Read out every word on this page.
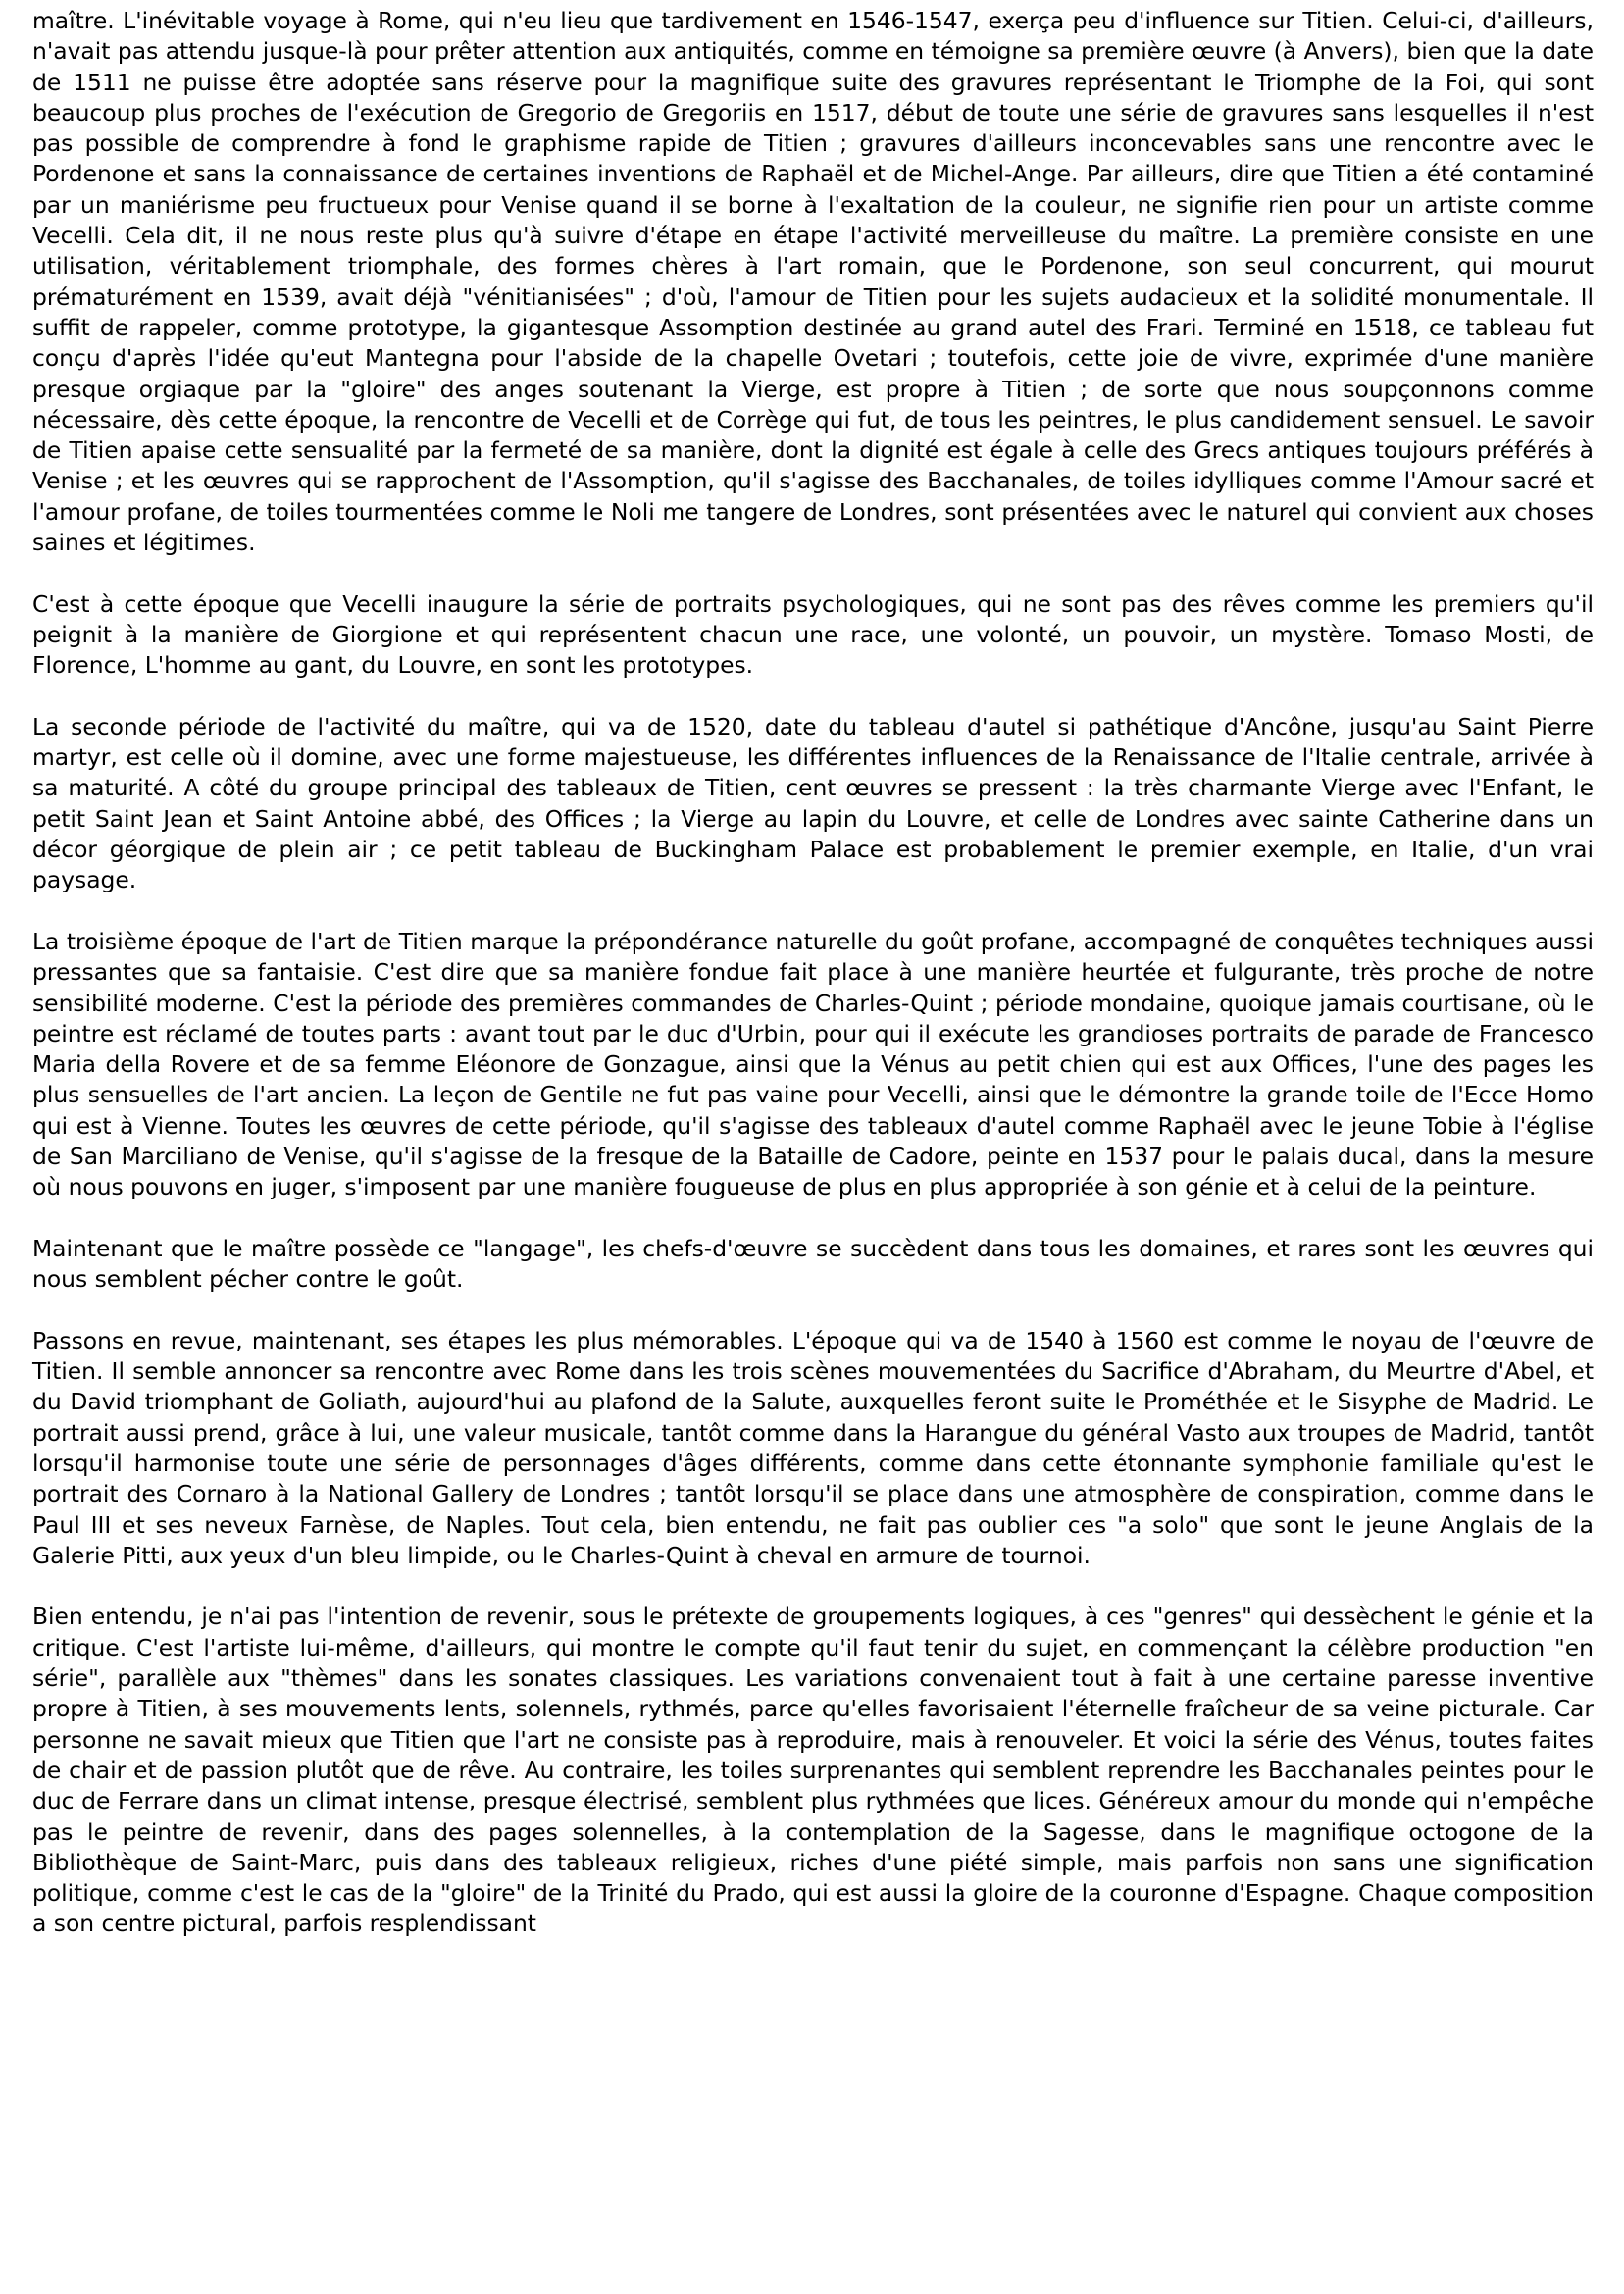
maître. L'inévitable voyage à Rome, qui n'eu lieu que tardivement en 1546-1547, exerça peu d'influence sur Titien. Celui-ci, d'ailleurs, n'avait pas attendu jusque-là pour prêter attention aux antiquités, comme en témoigne sa première œuvre (à Anvers), bien que la date de 1511 ne puisse être adoptée sans réserve pour la magnifique suite des gravures représentant le Triomphe de la Foi, qui sont beaucoup plus proches de l'exécution de Gregorio de Gregoriis en 1517, début de toute une série de gravures sans lesquelles il n'est pas possible de comprendre à fond le graphisme rapide de Titien ; gravures d'ailleurs inconcevables sans une rencontre avec le Pordenone et sans la connaissance de certaines inventions de Raphaël et de Michel-Ange. Par ailleurs, dire que Titien a été contaminé par un maniérisme peu fructueux pour Venise quand il se borne à l'exaltation de la couleur, ne signifie rien pour un artiste comme Vecelli. Cela dit, il ne nous reste plus qu'à suivre d'étape en étape l'activité merveilleuse du maître. La première consiste en une utilisation, véritablement triomphale, des formes chères à l'art romain, que le Pordenone, son seul concurrent, qui mourut prématurément en 1539, avait déjà "vénitianisées" ; d'où, l'amour de Titien pour les sujets audacieux et la solidité monumentale. Il suffit de rappeler, comme prototype, la gigantesque Assomption destinée au grand autel des Frari. Terminé en 1518, ce tableau fut conçu d'après l'idée qu'eut Mantegna pour l'abside de la chapelle Ovetari ; toutefois, cette joie de vivre, exprimée d'une manière presque orgiaque par la "gloire" des anges soutenant la Vierge, est propre à Titien ; de sorte que nous soupçonnons comme nécessaire, dès cette époque, la rencontre de Vecelli et de Corrège qui fut, de tous les peintres, le plus candidement sensuel. Le savoir de Titien apaise cette sensualité par la fermeté de sa manière, dont la dignité est égale à celle des Grecs antiques toujours préférés à Venise ; et les œuvres qui se rapprochent de l'Assomption, qu'il s'agisse des Bacchanales, de toiles idylliques comme l'Amour sacré et l'amour profane, de toiles tourmentées comme le Noli me tangere de Londres, sont présentées avec le naturel qui convient aux choses saines et légitimes.

C'est à cette époque que Vecelli inaugure la série de portraits psychologiques, qui ne sont pas des rêves comme les premiers qu'il peignit à la manière de Giorgione et qui représentent chacun une race, une volonté, un pouvoir, un mystère. Tomaso Mosti, de Florence, L'homme au gant, du Louvre, en sont les prototypes.

La seconde période de l'activité du maître, qui va de 1520, date du tableau d'autel si pathétique d'Ancône, jusqu'au Saint Pierre martyr, est celle où il domine, avec une forme majestueuse, les différentes influences de la Renaissance de l'Italie centrale, arrivée à sa maturité. A côté du groupe principal des tableaux de Titien, cent œuvres se pressent : la très charmante Vierge avec l'Enfant, le petit Saint Jean et Saint Antoine abbé, des Offices ; la Vierge au lapin du Louvre, et celle de Londres avec sainte Catherine dans un décor géorgique de plein air ; ce petit tableau de Buckingham Palace est probablement le premier exemple, en Italie, d'un vrai paysage.

La troisième époque de l'art de Titien marque la prépondérance naturelle du goût profane, accompagné de conquêtes techniques aussi pressantes que sa fantaisie. C'est dire que sa manière fondue fait place à une manière heurtée et fulgurante, très proche de notre sensibilité moderne. C'est la période des premières commandes de Charles-Quint ; période mondaine, quoique jamais courtisane, où le peintre est réclamé de toutes parts : avant tout par le duc d'Urbin, pour qui il exécute les grandioses portraits de parade de Francesco Maria della Rovere et de sa femme Eléonore de Gonzague, ainsi que la Vénus au petit chien qui est aux Offices, l'une des pages les plus sensuelles de l'art ancien. La leçon de Gentile ne fut pas vaine pour Vecelli, ainsi que le démontre la grande toile de l'Ecce Homo qui est à Vienne. Toutes les œuvres de cette période, qu'il s'agisse des tableaux d'autel comme Raphaël avec le jeune Tobie à l'église de San Marciliano de Venise, qu'il s'agisse de la fresque de la Bataille de Cadore, peinte en 1537 pour le palais ducal, dans la mesure où nous pouvons en juger, s'imposent par une manière fougueuse de plus en plus appropriée à son génie et à celui de la peinture.

Maintenant que le maître possède ce "langage", les chefs-d'œuvre se succèdent dans tous les domaines, et rares sont les œuvres qui nous semblent pécher contre le goût.

Passons en revue, maintenant, ses étapes les plus mémorables. L'époque qui va de 1540 à 1560 est comme le noyau de l'œuvre de Titien. Il semble annoncer sa rencontre avec Rome dans les trois scènes mouvementées du Sacrifice d'Abraham, du Meurtre d'Abel, et du David triomphant de Goliath, aujourd'hui au plafond de la Salute, auxquelles feront suite le Prométhée et le Sisyphe de Madrid. Le portrait aussi prend, grâce à lui, une valeur musicale, tantôt comme dans la Harangue du général Vasto aux troupes de Madrid, tantôt lorsqu'il harmonise toute une série de personnages d'âges différents, comme dans cette étonnante symphonie familiale qu'est le portrait des Cornaro à la National Gallery de Londres ; tantôt lorsqu'il se place dans une atmosphère de conspiration, comme dans le Paul III et ses neveux Farnèse, de Naples. Tout cela, bien entendu, ne fait pas oublier ces "a solo" que sont le jeune Anglais de la Galerie Pitti, aux yeux d'un bleu limpide, ou le Charles-Quint à cheval en armure de tournoi.

Bien entendu, je n'ai pas l'intention de revenir, sous le prétexte de groupements logiques, à ces "genres" qui dessèchent le génie et la critique. C'est l'artiste lui-même, d'ailleurs, qui montre le compte qu'il faut tenir du sujet, en commençant la célèbre production "en série", parallèle aux "thèmes" dans les sonates classiques. Les variations convenaient tout à fait à une certaine paresse inventive propre à Titien, à ses mouvements lents, solennels, rythmés, parce qu'elles favorisaient l'éternelle fraîcheur de sa veine picturale. Car personne ne savait mieux que Titien que l'art ne consiste pas à reproduire, mais à renouveler. Et voici la série des Vénus, toutes faites de chair et de passion plutôt que de rêve. Au contraire, les toiles surprenantes qui semblent reprendre les Bacchanales peintes pour le duc de Ferrare dans un climat intense, presque électrisé, semblent plus rythmées que lices. Généreux amour du monde qui n'empêche pas le peintre de revenir, dans des pages solennelles, à la contemplation de la Sagesse, dans le magnifique octogone de la Bibliothèque de Saint-Marc, puis dans des tableaux religieux, riches d'une piété simple, mais parfois non sans une signification politique, comme c'est le cas de la "gloire" de la Trinité du Prado, qui est aussi la gloire de la couronne d'Espagne. Chaque composition a son centre pictural, parfois resplendissant
